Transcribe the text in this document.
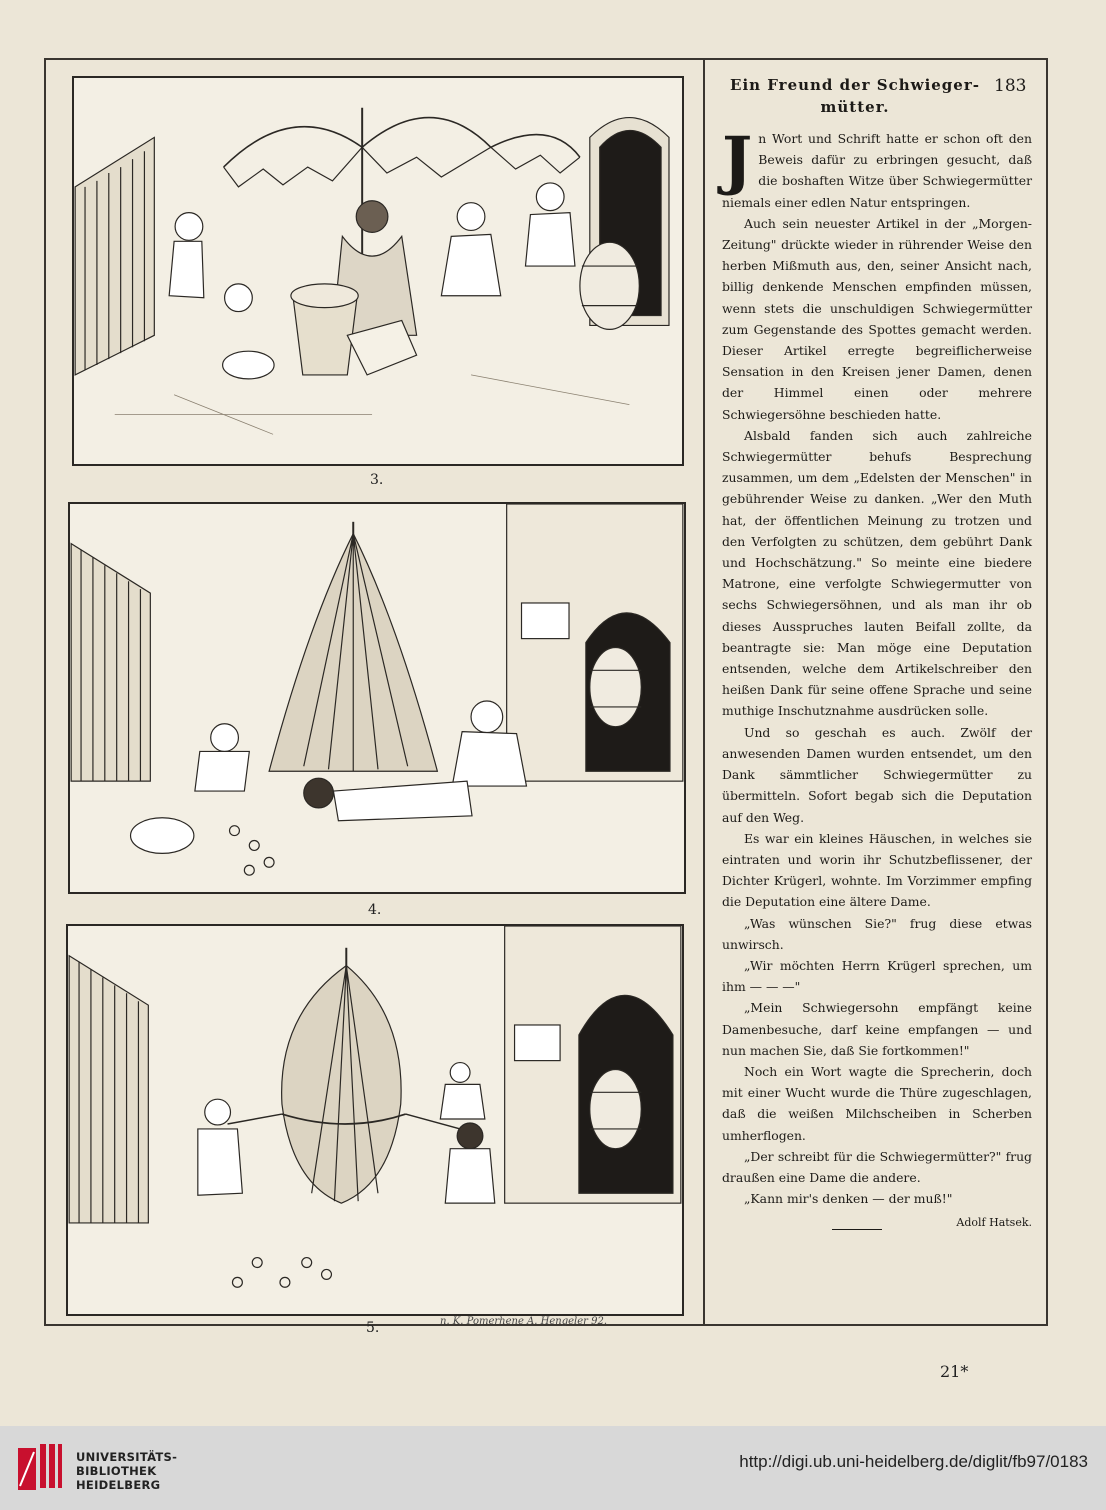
3.
4.
5.	n. K. Pomerhene A. Hengeler 92.
183
Ein Freund der Schwieger-
mütter.

Jn Wort und Schrift hatte er schon oft den Beweis dafür zu erbringen gesucht, daß die boshaften Witze über Schwiegermütter niemals einer edlen Natur entspringen.

Auch sein neuester Artikel in der „Morgen-Zeitung" drückte wieder in rührender Weise den herben Mißmuth aus, den, seiner Ansicht nach, billig denkende Menschen empfinden müssen, wenn stets die unschuldigen Schwiegermütter zum Gegenstande des Spottes gemacht werden. Dieser Artikel erregte begreiflicherweise Sensation in den Kreisen jener Damen, denen der Himmel einen oder mehrere Schwiegersöhne beschieden hatte.

Alsbald fanden sich auch zahlreiche Schwiegermütter behufs Besprechung zusammen, um dem „Edelsten der Menschen" in gebührender Weise zu danken. „Wer den Muth hat, der öffentlichen Meinung zu trotzen und den Verfolgten zu schützen, dem gebührt Dank und Hochschätzung." So meinte eine biedere Matrone, eine verfolgte Schwiegermutter von sechs Schwiegersöhnen, und als man ihr ob dieses Ausspruches lauten Beifall zollte, da beantragte sie: Man möge eine Deputation entsenden, welche dem Artikelschreiber den heißen Dank für seine offene Sprache und seine muthige Inschutznahme ausdrücken solle.

Und so geschah es auch. Zwölf der anwesenden Damen wurden entsendet, um den Dank sämmtlicher Schwiegermütter zu übermitteln. Sofort begab sich die Deputation auf den Weg.

Es war ein kleines Häuschen, in welches sie eintraten und worin ihr Schutzbeflissener, der Dichter Krügerl, wohnte. Im Vorzimmer empfing die Deputation eine ältere Dame.

„Was wünschen Sie?" frug diese etwas unwirsch.

„Wir möchten Herrn Krügerl sprechen, um ihm — — —"

„Mein Schwiegersohn empfängt keine Damenbesuche, darf keine empfangen — und nun machen Sie, daß Sie fortkommen!"

Noch ein Wort wagte die Sprecherin, doch mit einer Wucht wurde die Thüre zugeschlagen, daß die weißen Milchscheiben in Scherben umherflogen.

„Der schreibt für die Schwiegermütter?" frug draußen eine Dame die andere.

„Kann mir's denken — der muß!"

Adolf Hatsek.
21*
UNIVERSITÄTS-
BIBLIOTHEK
HEIDELBERG
http://digi.ub.uni-heidelberg.de/diglit/fb97/0183
